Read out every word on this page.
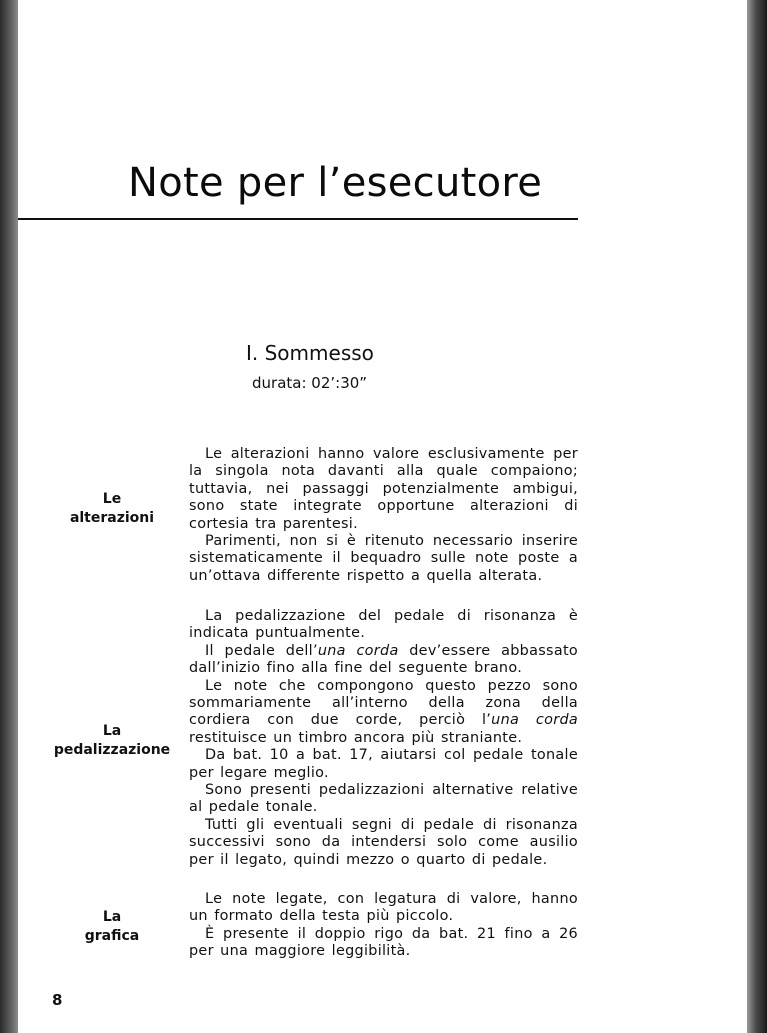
Note per l’esecutore
I. Sommesso
durata: 02’:30”
Le
alterazioni

Le alterazioni hanno valore esclusivamente per la singola nota davanti alla quale compaiono; tuttavia, nei passaggi potenzialmente ambigui, sono state integrate opportune alterazioni di cortesia tra parentesi.

Parimenti, non si è ritenuto necessario inserire sistematicamente il bequadro sulle note poste a un’ottava differente rispetto a quella alterata.

La
pedalizzazione

La pedalizzazione del pedale di risonanza è indicata puntualmente.

Il pedale dell’una corda dev’essere abbassato dall’inizio fino alla fine del seguente brano.

Le note che compongono questo pezzo sono sommariamente all’interno della zona della cordiera con due corde, perciò l’una corda restituisce un timbro ancora più straniante.

Da bat. 10 a bat. 17, aiutarsi col pedale tonale per legare meglio.

Sono presenti pedalizzazioni alternative relative al pedale tonale.

Tutti gli eventuali segni di pedale di risonanza successivi sono da intendersi solo come ausilio per il legato, quindi mezzo o quarto di pedale.

La
grafica

Le note legate, con legatura di valore, hanno un formato della testa più piccolo.

È presente il doppio rigo da bat. 21 fino a 26 per una maggiore leggibilità.

8
